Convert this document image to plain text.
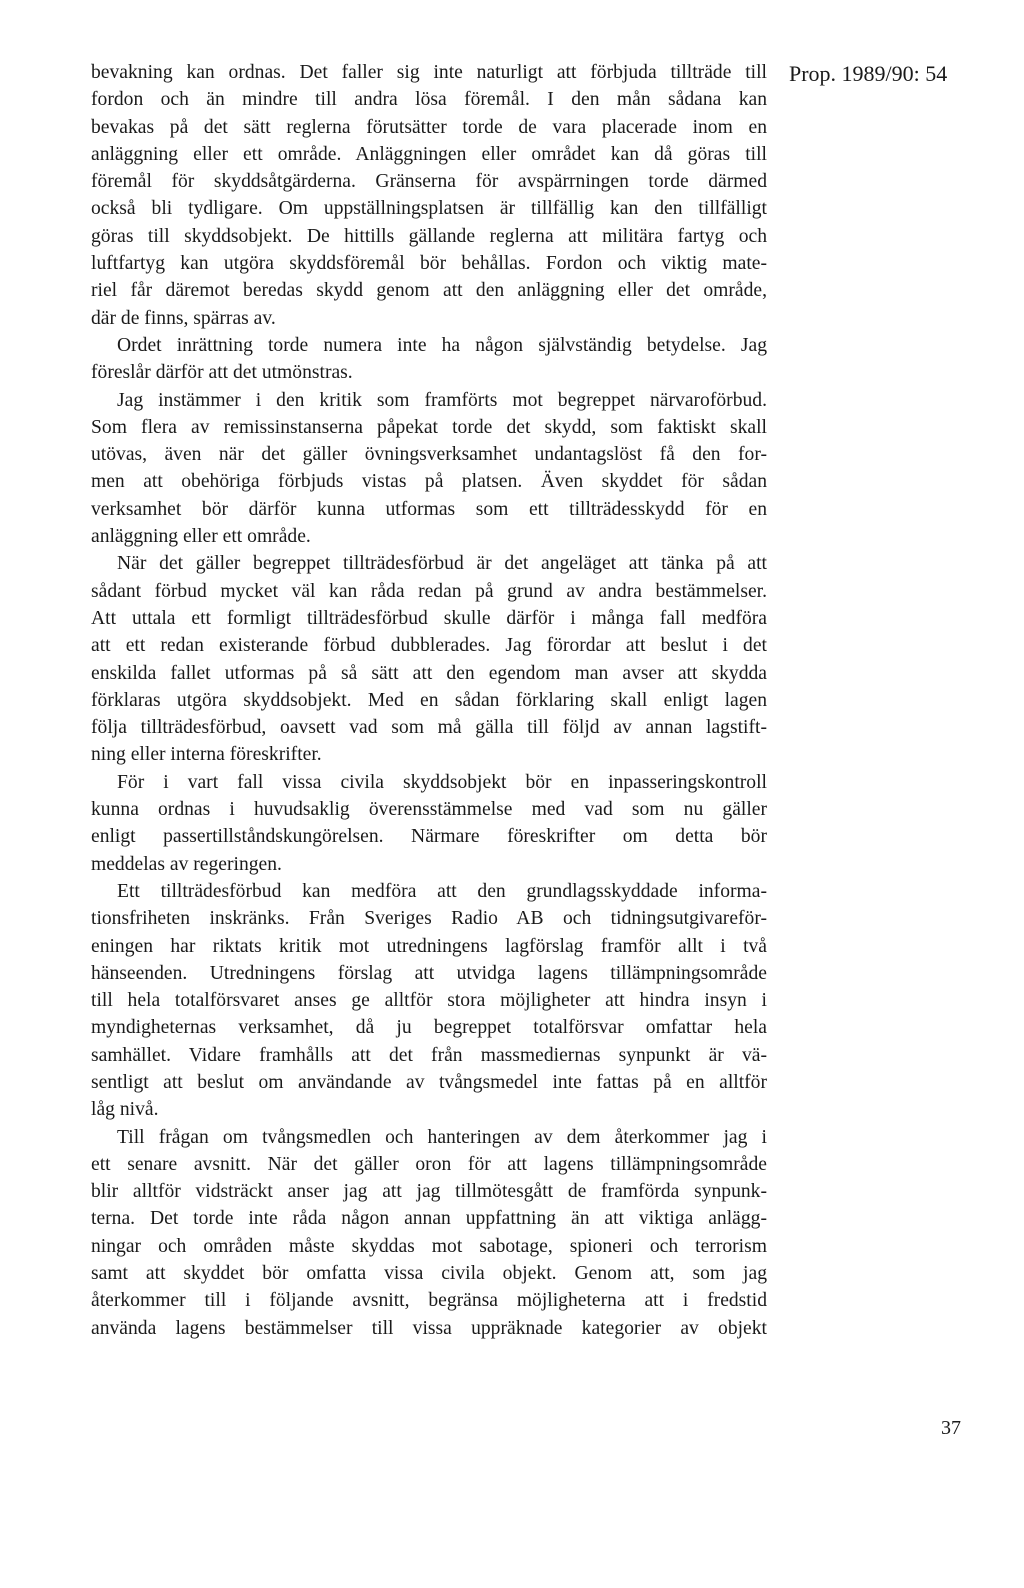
Prop. 1989/90: 54
bevakning kan ordnas. Det faller sig inte naturligt att förbjuda tillträde till
fordon och än mindre till andra lösa föremål. I den mån sådana kan
bevakas på det sätt reglerna förutsätter torde de vara placerade inom en
anläggning eller ett område. Anläggningen eller området kan då göras till
föremål för skyddsåtgärderna. Gränserna för avspärrningen torde därmed
också bli tydligare. Om uppställningsplatsen är tillfällig kan den tillfälligt
göras till skyddsobjekt. De hittills gällande reglerna att militära fartyg och
luftfartyg kan utgöra skyddsföremål bör behållas. Fordon och viktig mate-
riel får däremot beredas skydd genom att den anläggning eller det område,
där de finns, spärras av.
Ordet inrättning torde numera inte ha någon självständig betydelse. Jag
föreslår därför att det utmönstras.
Jag instämmer i den kritik som framförts mot begreppet närvaroförbud.
Som flera av remissinstanserna påpekat torde det skydd, som faktiskt skall
utövas, även när det gäller övningsverksamhet undantagslöst få den for-
men att obehöriga förbjuds vistas på platsen. Även skyddet för sådan
verksamhet bör därför kunna utformas som ett tillträdesskydd för en
anläggning eller ett område.
När det gäller begreppet tillträdesförbud är det angeläget att tänka på att
sådant förbud mycket väl kan råda redan på grund av andra bestämmelser.
Att uttala ett formligt tillträdesförbud skulle därför i många fall medföra
att ett redan existerande förbud dubblerades. Jag förordar att beslut i det
enskilda fallet utformas på så sätt att den egendom man avser att skydda
förklaras utgöra skyddsobjekt. Med en sådan förklaring skall enligt lagen
följa tillträdesförbud, oavsett vad som må gälla till följd av annan lagstift-
ning eller interna föreskrifter.
För i vart fall vissa civila skyddsobjekt bör en inpasseringskontroll
kunna ordnas i huvudsaklig överensstämmelse med vad som nu gäller
enligt passertillståndskungörelsen. Närmare föreskrifter om detta bör
meddelas av regeringen.
Ett tillträdesförbud kan medföra att den grundlagsskyddade informa-
tionsfriheten inskränks. Från Sveriges Radio AB och tidningsutgivareför-
eningen har riktats kritik mot utredningens lagförslag framför allt i två
hänseenden. Utredningens förslag att utvidga lagens tillämpningsområde
till hela totalförsvaret anses ge alltför stora möjligheter att hindra insyn i
myndigheternas verksamhet, då ju begreppet totalförsvar omfattar hela
samhället. Vidare framhålls att det från massmediernas synpunkt är vä-
sentligt att beslut om användande av tvångsmedel inte fattas på en alltför
låg nivå.
Till frågan om tvångsmedlen och hanteringen av dem återkommer jag i
ett senare avsnitt. När det gäller oron för att lagens tillämpningsområde
blir alltför vidsträckt anser jag att jag tillmötesgått de framförda synpunk-
terna. Det torde inte råda någon annan uppfattning än att viktiga anlägg-
ningar och områden måste skyddas mot sabotage, spioneri och terrorism
samt att skyddet bör omfatta vissa civila objekt. Genom att, som jag
återkommer till i följande avsnitt, begränsa möjligheterna att i fredstid
använda lagens bestämmelser till vissa uppräknade kategorier av objekt
37
